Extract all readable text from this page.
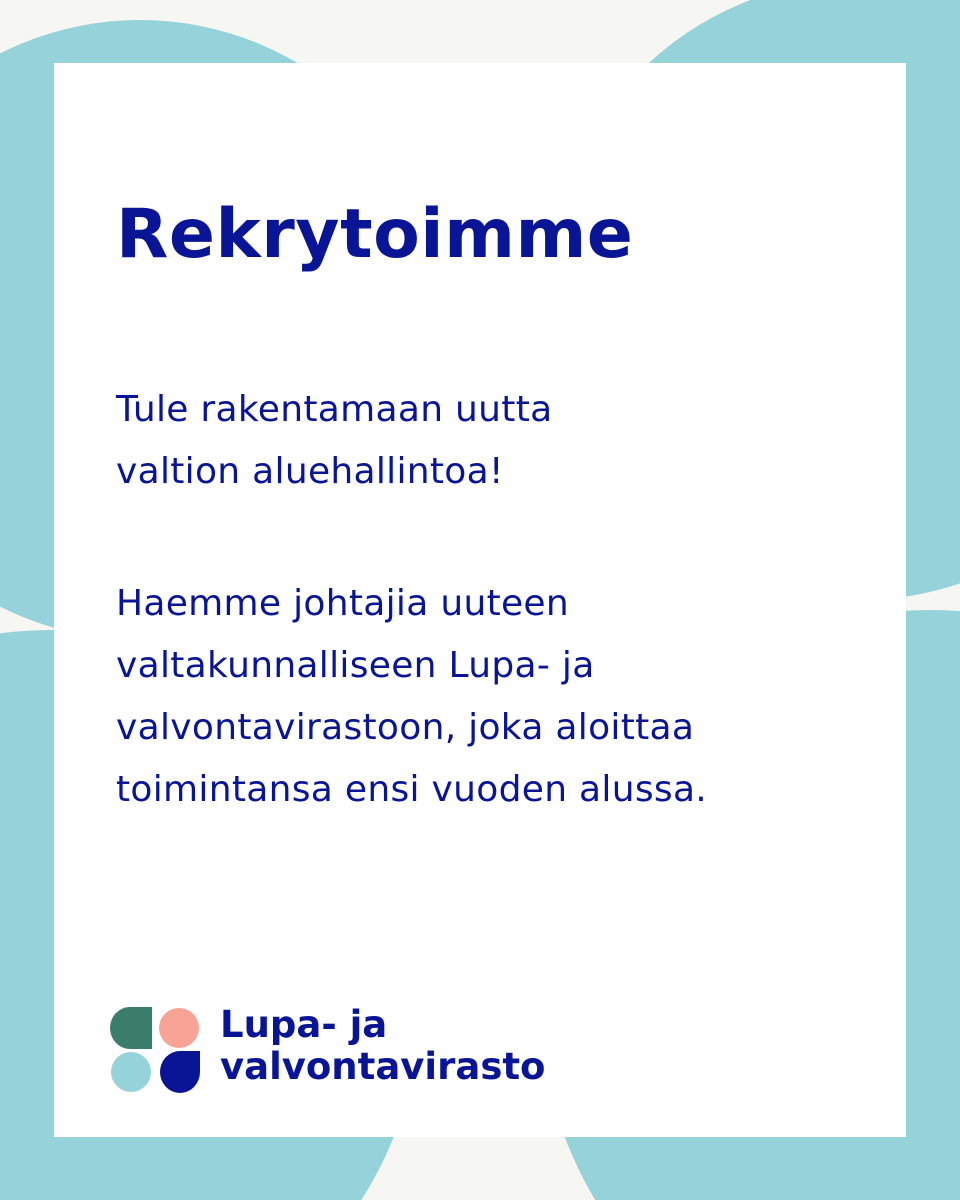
Rekrytoimme

Tule rakentamaan uutta
valtion aluehallintoa!

Haemme johtajia uuteen
valtakunnalliseen Lupa- ja
valvontavirastoon, joka aloittaa
toimintansa ensi vuoden alussa.

Lupa- ja
valvontavirasto
